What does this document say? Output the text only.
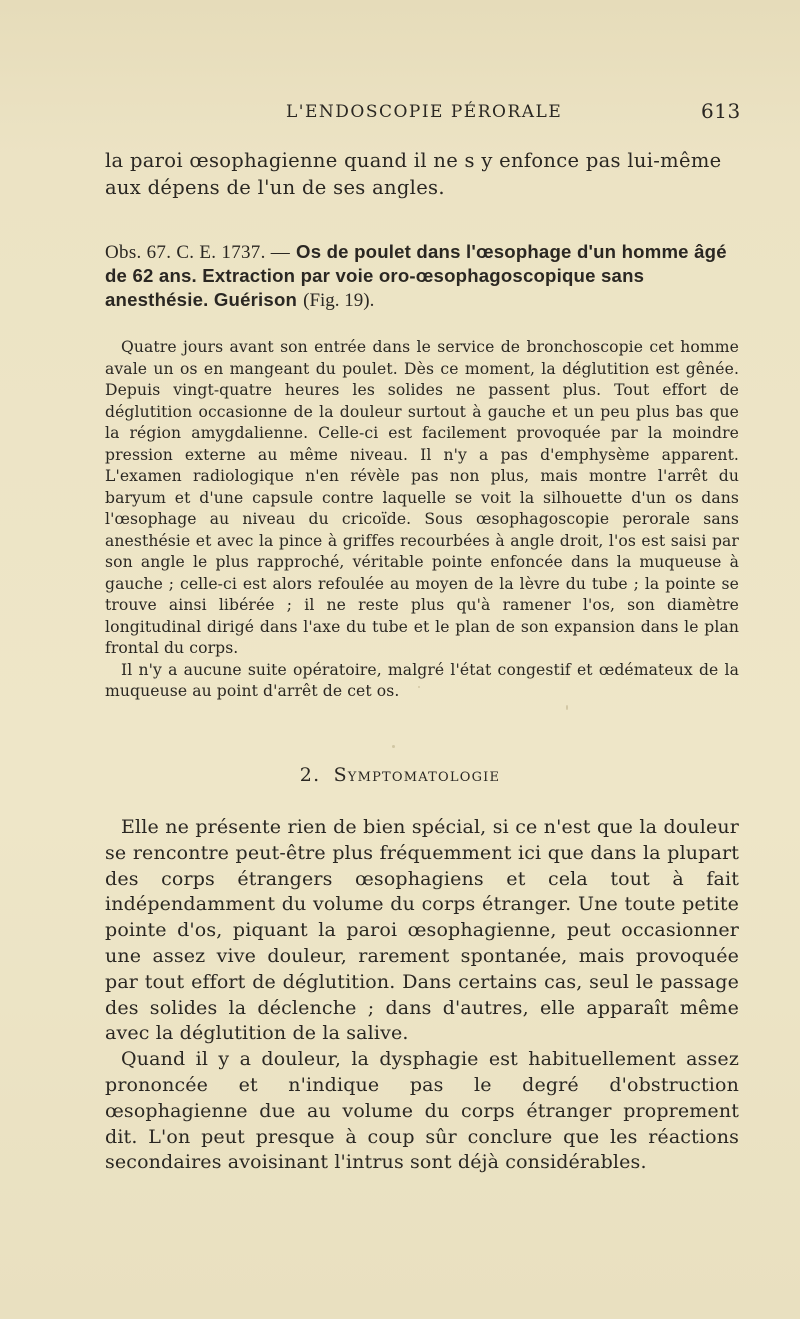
L'ENDOSCOPIE PÉRORALE	613

la paroi œsophagienne quand il ne s y enfonce pas lui-même aux dépens de l'un de ses angles.

Obs. 67. C. E. 1737. — Os de poulet dans l'œsophage d'un homme âgé de 62 ans. Extraction par voie oro-œsophagoscopique sans anesthésie. Guérison (Fig. 19).

Quatre jours avant son entrée dans le service de bronchoscopie cet homme avale un os en mangeant du poulet. Dès ce moment, la déglutition est gênée. Depuis vingt-quatre heures les solides ne passent plus. Tout effort de déglutition occasionne de la douleur surtout à gauche et un peu plus bas que la région amygdalienne. Celle-ci est facilement provoquée par la moindre pression externe au même niveau. Il n'y a pas d'emphysème apparent. L'examen radiologique n'en révèle pas non plus, mais montre l'arrêt du baryum et d'une capsule contre laquelle se voit la silhouette d'un os dans l'œsophage au niveau du cricoïde. Sous œsophagoscopie perorale sans anesthésie et avec la pince à griffes recourbées à angle droit, l'os est saisi par son angle le plus rapproché, véritable pointe enfoncée dans la muqueuse à gauche ; celle-ci est alors refoulée au moyen de la lèvre du tube ; la pointe se trouve ainsi libérée ; il ne reste plus qu'à ramener l'os, son diamètre longitudinal dirigé dans l'axe du tube et le plan de son expansion dans le plan frontal du corps.

Il n'y a aucune suite opératoire, malgré l'état congestif et œdémateux de la muqueuse au point d'arrêt de cet os.

2. Symptomatologie

Elle ne présente rien de bien spécial, si ce n'est que la douleur se rencontre peut-être plus fréquemment ici que dans la plupart des corps étrangers œsophagiens et cela tout à fait indépendamment du volume du corps étranger. Une toute petite pointe d'os, piquant la paroi œsophagienne, peut occasionner une assez vive douleur, rarement spontanée, mais provoquée par tout effort de déglutition. Dans certains cas, seul le passage des solides la déclenche ; dans d'autres, elle apparaît même avec la déglutition de la salive.

Quand il y a douleur, la dysphagie est habituellement assez prononcée et n'indique pas le degré d'obstruction œsophagienne due au volume du corps étranger proprement dit. L'on peut presque à coup sûr conclure que les réactions secondaires avoisinant l'intrus sont déjà considérables.
